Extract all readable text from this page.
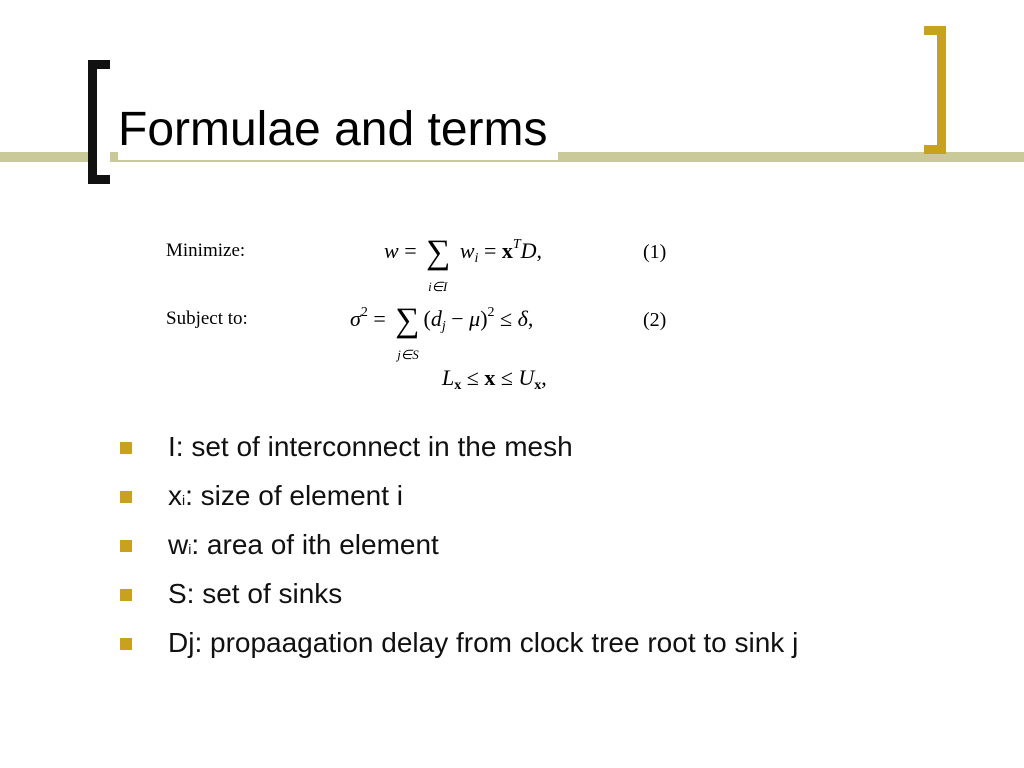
Formulae and terms
Minimize:	w = ∑
i∈I
$w_i = x^TD$,	(1)
Subject to:	$\sigma^2$ = ∑
j∈S
$(d_j - \mu)^2 \le \delta$,	(2)
$L_x \le x \le U_x$,
I: set of interconnect in the mesh
xi: size of element i
wi: area of ith element
S: set of sinks
Dj: propaagation delay from clock tree root to sink j
